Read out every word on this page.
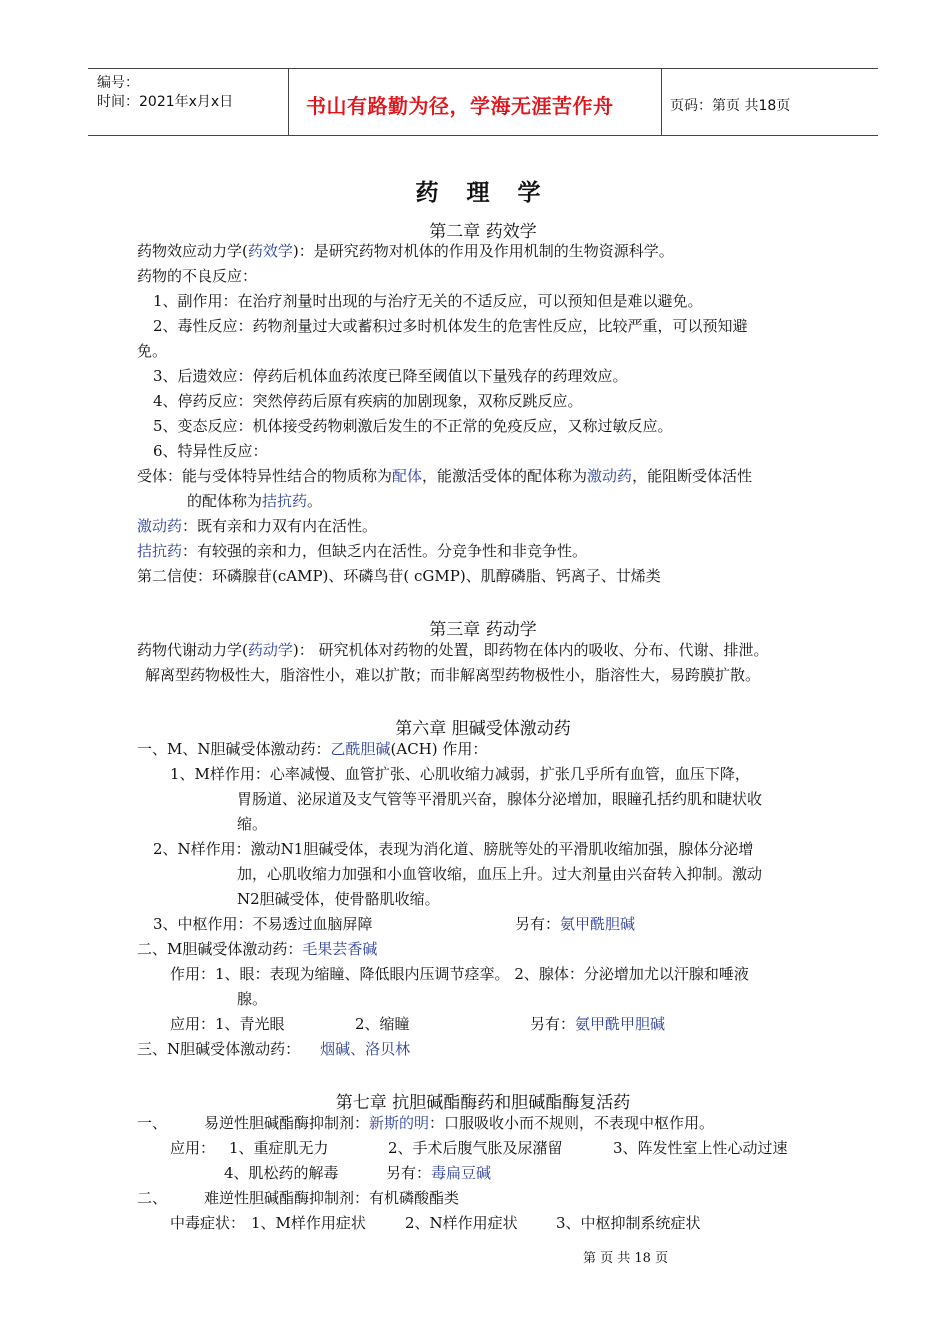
编号：
时间：2021年x月x日	书山有路勤为径，学海无涯苦作舟	页码：第页 共18页
药 理 学
第二章 药效学
药物效应动力学(药效学)：是研究药物对机体的作用及作用机制的生物资源科学。
药物的不良反应：
1、副作用：在治疗剂量时出现的与治疗无关的不适反应，可以预知但是难以避免。
2、毒性反应：药物剂量过大或蓄积过多时机体发生的危害性反应，比较严重，可以预知避
免。
3、后遗效应：停药后机体血药浓度已降至阈值以下量残存的药理效应。
4、停药反应：突然停药后原有疾病的加剧现象，双称反跳反应。
5、变态反应：机体接受药物刺激后发生的不正常的免疫反应，又称过敏反应。
6、特异性反应：
受体：能与受体特异性结合的物质称为配体，能激活受体的配体称为激动药，能阻断受体活性
的配体称为拮抗药。
激动药：既有亲和力双有内在活性。
拮抗药：有较强的亲和力，但缺乏内在活性。分竞争性和非竞争性。
第二信使：环磷腺苷(cAMP)、环磷鸟苷( cGMP)、肌醇磷脂、钙离子、廿烯类
第三章 药动学
药物代谢动力学(药动学)： 研究机体对药物的处置，即药物在体内的吸收、分布、代谢、排泄。
解离型药物极性大，脂溶性小，难以扩散；而非解离型药物极性小，脂溶性大，易跨膜扩散。
第六章 胆碱受体激动药
一、M、N胆碱受体激动药：乙酰胆碱(ACH) 作用：
1、M样作用：心率减慢、血管扩张、心肌收缩力减弱，扩张几乎所有血管，血压下降，
胃肠道、泌尿道及支气管等平滑肌兴奋，腺体分泌增加，眼瞳孔括约肌和睫状收
缩。
2、N样作用：激动N1胆碱受体，表现为消化道、膀胱等处的平滑肌收缩加强，腺体分泌增
加，心肌收缩力加强和小血管收缩，血压上升。过大剂量由兴奋转入抑制。激动
N2胆碱受体，使骨骼肌收缩。
3、中枢作用：不易透过血脑屏障	另有：氨甲酰胆碱
二、M胆碱受体激动药：毛果芸香碱
作用：1、眼：表现为缩瞳、降低眼内压调节痉挛。 2、腺体：分泌增加尤以汗腺和唾液
腺。
应用：1、青光眼	2、缩瞳	另有：氨甲酰甲胆碱
三、N胆碱受体激动药： 烟碱、洛贝林
第七章 抗胆碱酯酶药和胆碱酯酶复活药
一、 易逆性胆碱酯酶抑制剂：新斯的明：口服吸收小而不规则，不表现中枢作用。
应用： 1、重症肌无力	2、手术后腹气胀及尿潴留	3、阵发性室上性心动过速
4、肌松药的解毒	另有：毒扁豆碱
二、 难逆性胆碱酯酶抑制剂：有机磷酸酯类
中毒症状： 1、M样作用症状	2、N样作用症状	3、中枢抑制系统症状
第 页 共 18 页
